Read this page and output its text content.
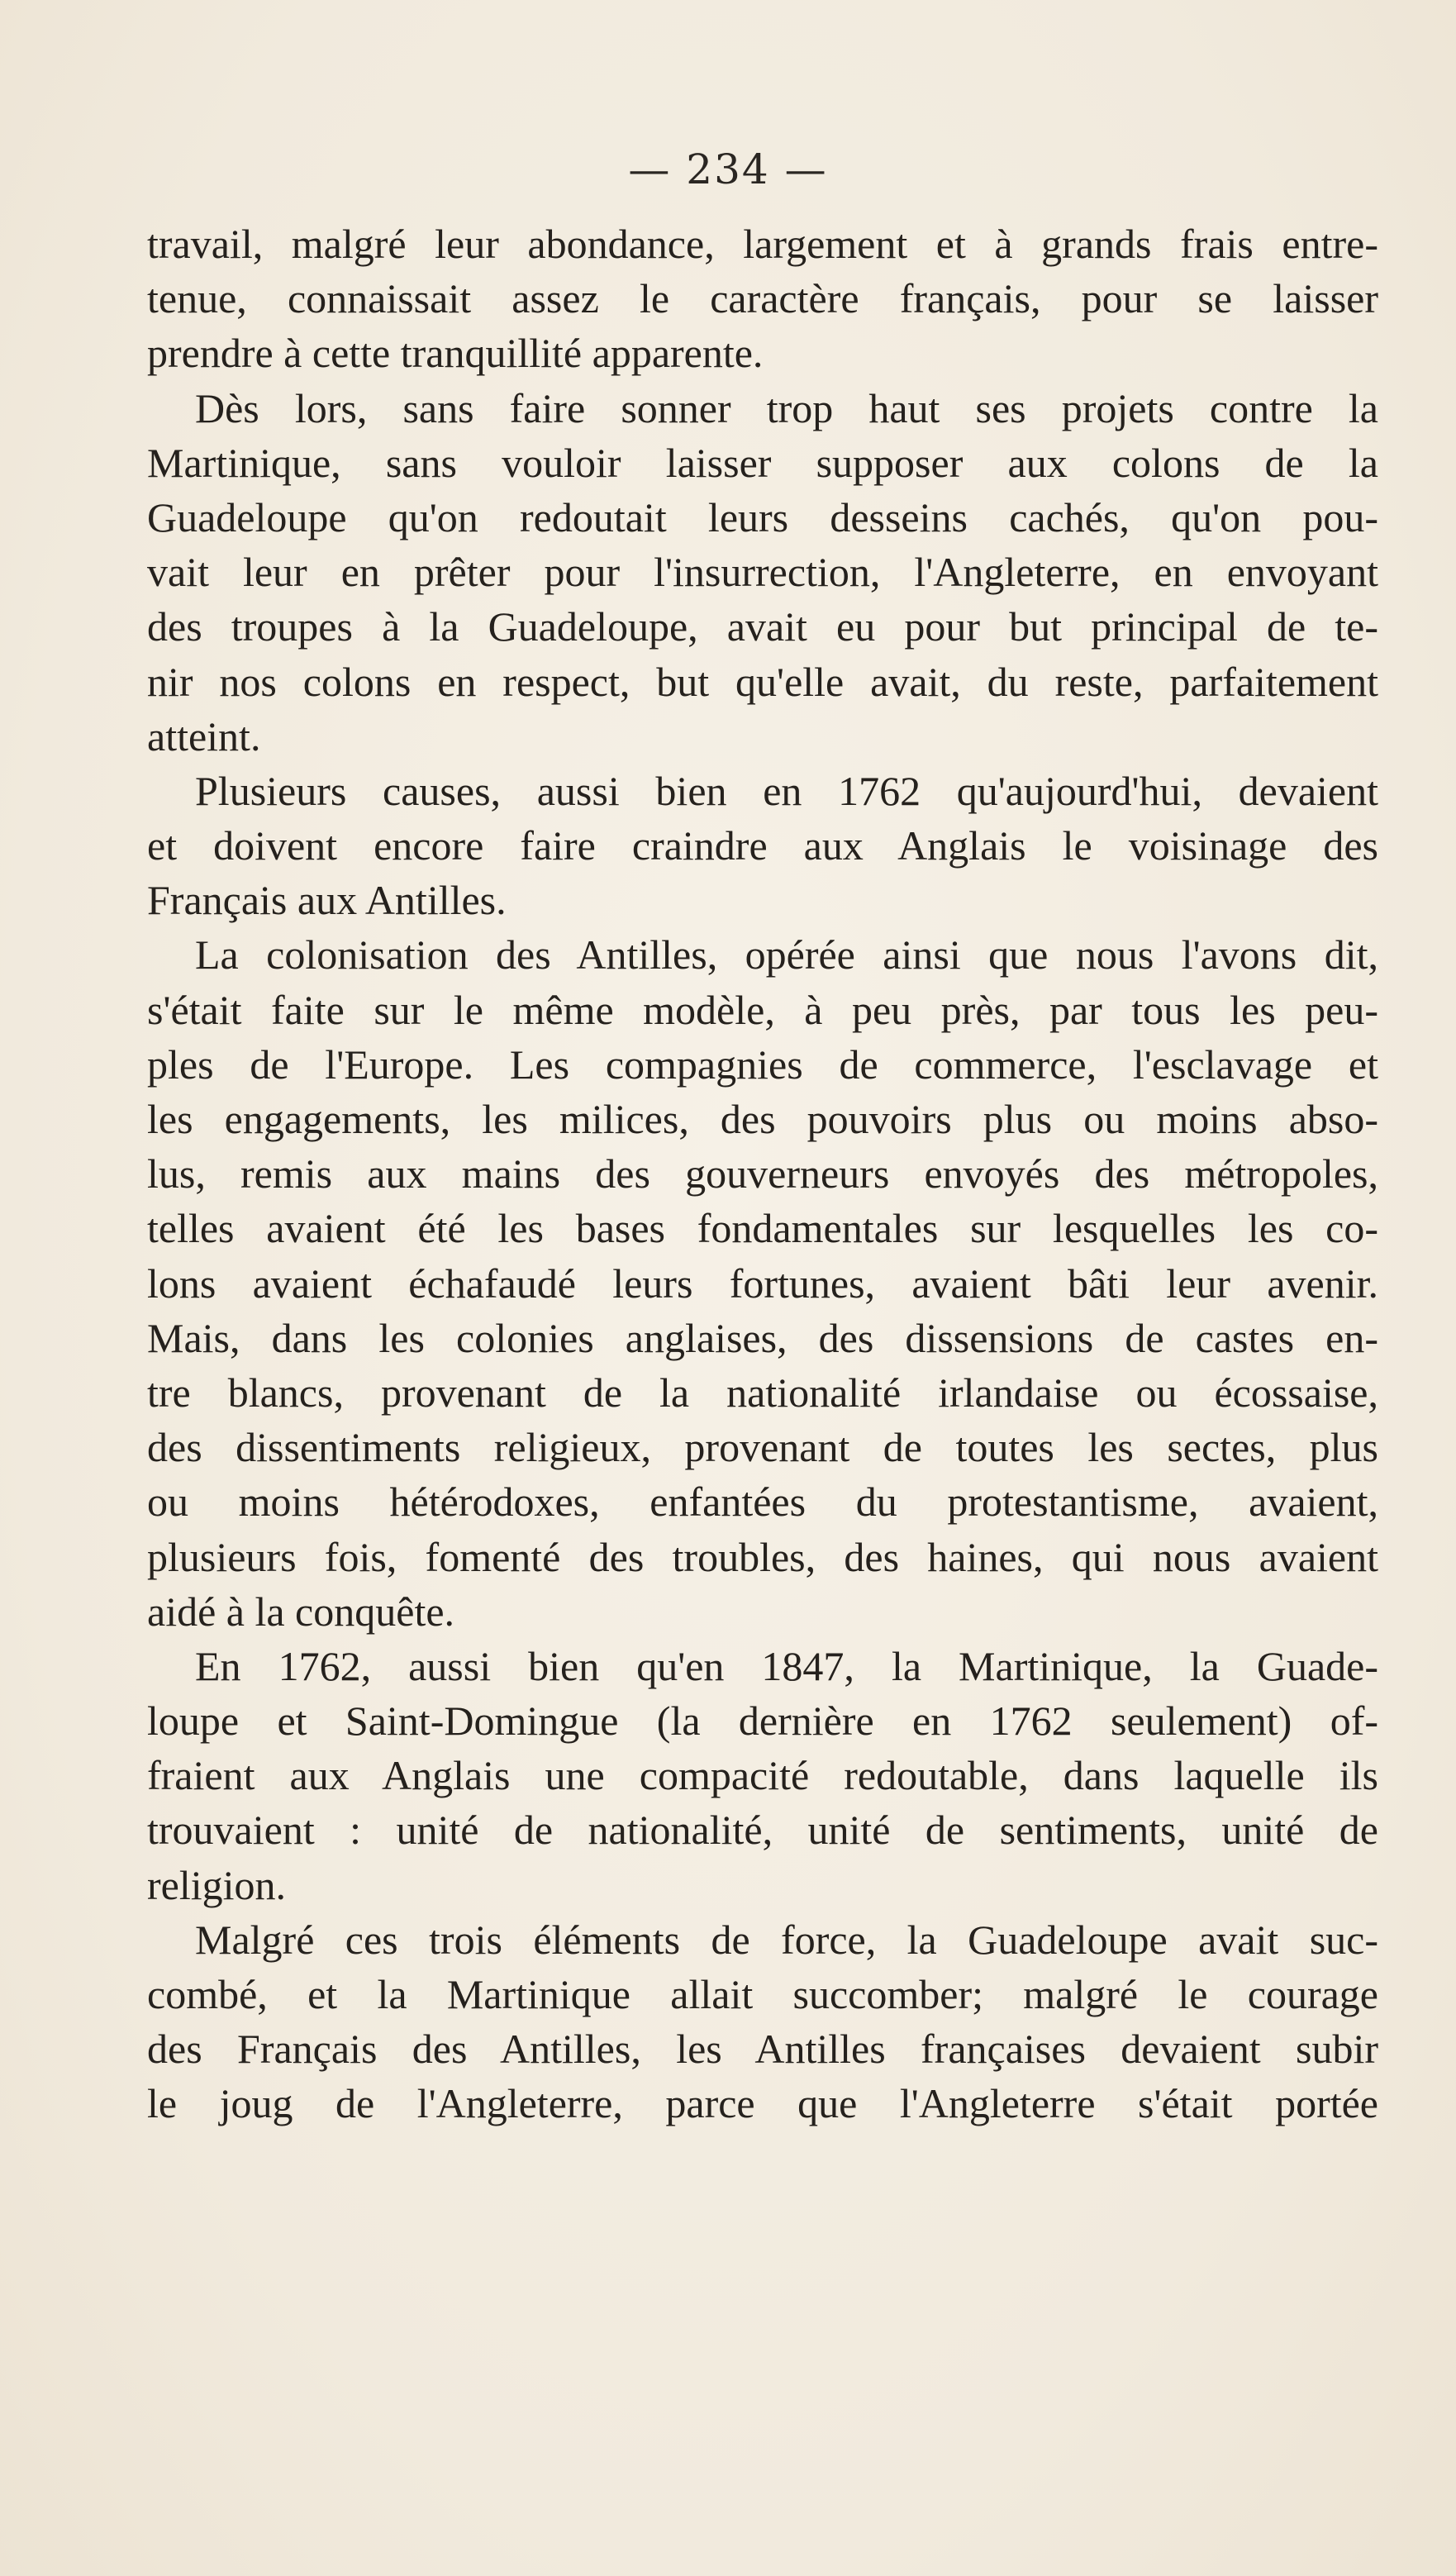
— 234 —
travail, malgré leur abondance, largement et à grands frais entre-
tenue, connaissait assez le caractère français, pour se laisser
prendre à cette tranquillité apparente.
Dès lors, sans faire sonner trop haut ses projets contre la
Martinique, sans vouloir laisser supposer aux colons de la
Guadeloupe qu'on redoutait leurs desseins cachés, qu'on pou-
vait leur en prêter pour l'insurrection, l'Angleterre, en envoyant
des troupes à la Guadeloupe, avait eu pour but principal de te-
nir nos colons en respect, but qu'elle avait, du reste, parfaitement
atteint.
Plusieurs causes, aussi bien en 1762 qu'aujourd'hui, devaient
et doivent encore faire craindre aux Anglais le voisinage des
Français aux Antilles.
La colonisation des Antilles, opérée ainsi que nous l'avons dit,
s'était faite sur le même modèle, à peu près, par tous les peu-
ples de l'Europe. Les compagnies de commerce, l'esclavage et
les engagements, les milices, des pouvoirs plus ou moins abso-
lus, remis aux mains des gouverneurs envoyés des métropoles,
telles avaient été les bases fondamentales sur lesquelles les co-
lons avaient échafaudé leurs fortunes, avaient bâti leur avenir.
Mais, dans les colonies anglaises, des dissensions de castes en-
tre blancs, provenant de la nationalité irlandaise ou écossaise,
des dissentiments religieux, provenant de toutes les sectes, plus
ou moins hétérodoxes, enfantées du protestantisme, avaient,
plusieurs fois, fomenté des troubles, des haines, qui nous avaient
aidé à la conquête.
En 1762, aussi bien qu'en 1847, la Martinique, la Guade-
loupe et Saint-Domingue (la dernière en 1762 seulement) of-
fraient aux Anglais une compacité redoutable, dans laquelle ils
trouvaient : unité de nationalité, unité de sentiments, unité de
religion.
Malgré ces trois éléments de force, la Guadeloupe avait suc-
combé, et la Martinique allait succomber; malgré le courage
des Français des Antilles, les Antilles françaises devaient subir
le joug de l'Angleterre, parce que l'Angleterre s'était portée
